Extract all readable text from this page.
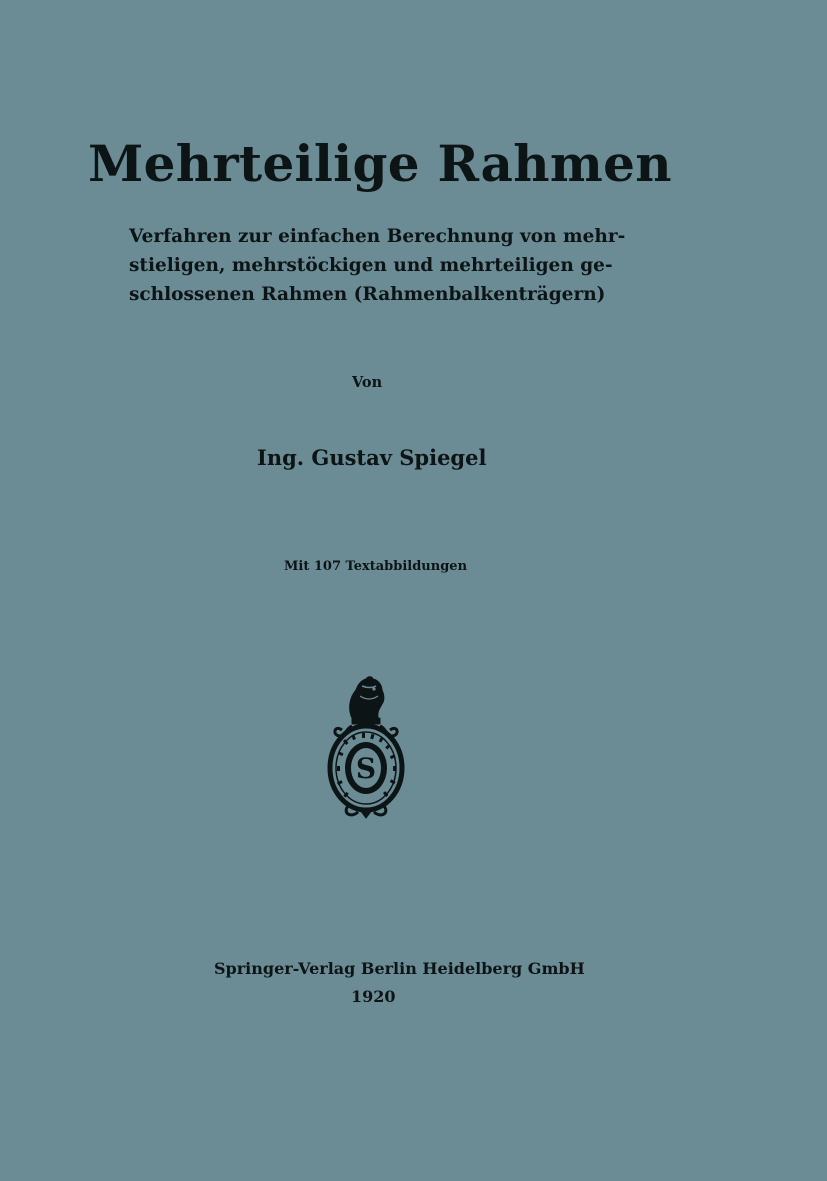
Mehrteilige Rahmen
Verfahren zur einfachen Berechnung von mehr-
stieligen, mehrstöckigen und mehrteiligen ge-
schlossenen Rahmen (Rahmenbalkenträgern)
Von
Ing. Gustav Spiegel
Mit 107 Textabbildungen
S
Springer-Verlag Berlin Heidelberg GmbH
1920
